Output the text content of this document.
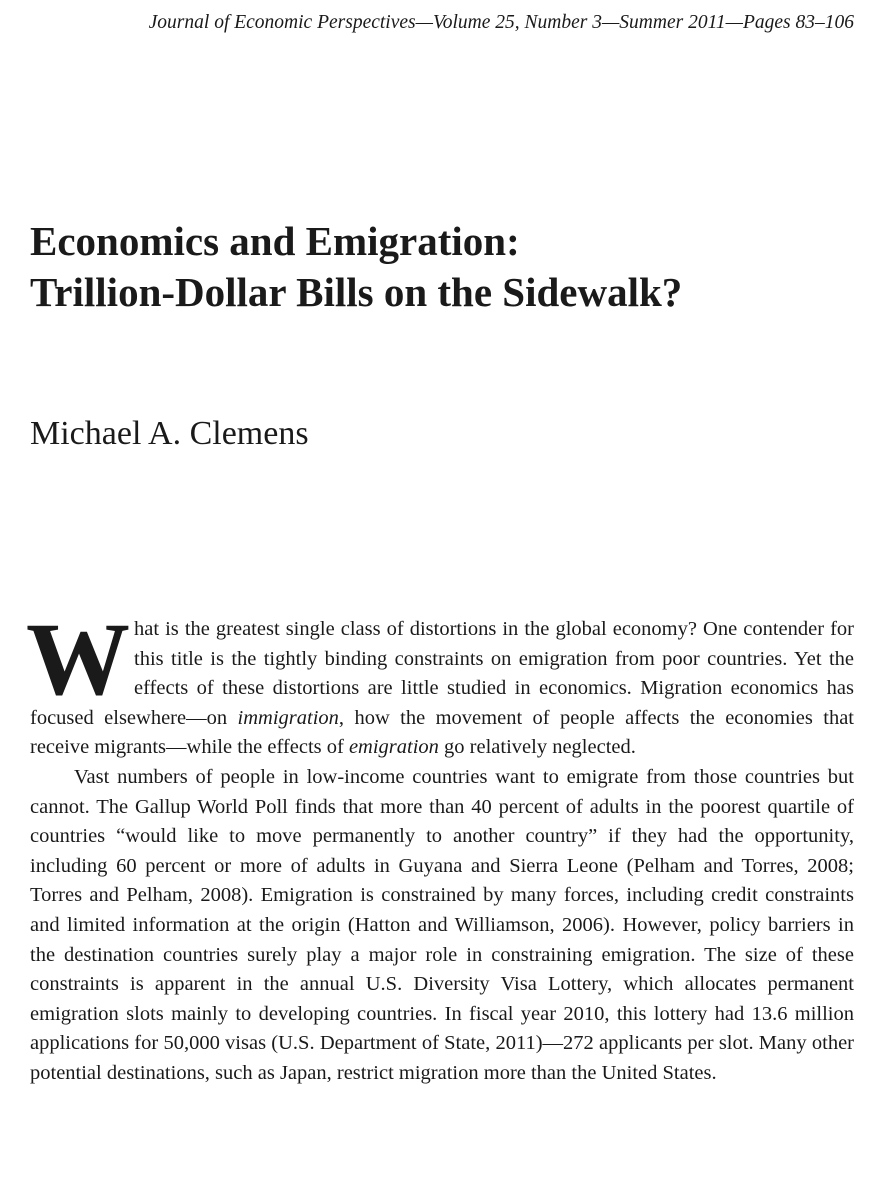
Journal of Economic Perspectives—Volume 25, Number 3—Summer 2011—Pages 83–106
Economics and Emigration:
Trillion-Dollar Bills on the Sidewalk?
Michael A. Clemens

What is the greatest single class of distortions in the global economy? One contender for this title is the tightly binding constraints on emigration from poor countries. Yet the effects of these distortions are little studied in economics. Migration economics has focused elsewhere—on immigration, how the movement of people affects the economies that receive migrants—while the effects of emigration go relatively neglected.

Vast numbers of people in low-income countries want to emigrate from those countries but cannot. The Gallup World Poll finds that more than 40 percent of adults in the poorest quartile of countries “would like to move permanently to another country” if they had the opportunity, including 60 percent or more of adults in Guyana and Sierra Leone (Pelham and Torres, 2008; Torres and Pelham, 2008). Emigration is constrained by many forces, including credit constraints and limited information at the origin (Hatton and Williamson, 2006). However, policy barriers in the destination countries surely play a major role in constraining emigration. The size of these constraints is apparent in the annual U.S. Diversity Visa Lottery, which allocates permanent emigration slots mainly to developing countries. In fiscal year 2010, this lottery had 13.6 million applications for 50,000 visas (U.S. Department of State, 2011)—272 applicants per slot. Many other potential destinations, such as Japan, restrict migration more than the United States.
